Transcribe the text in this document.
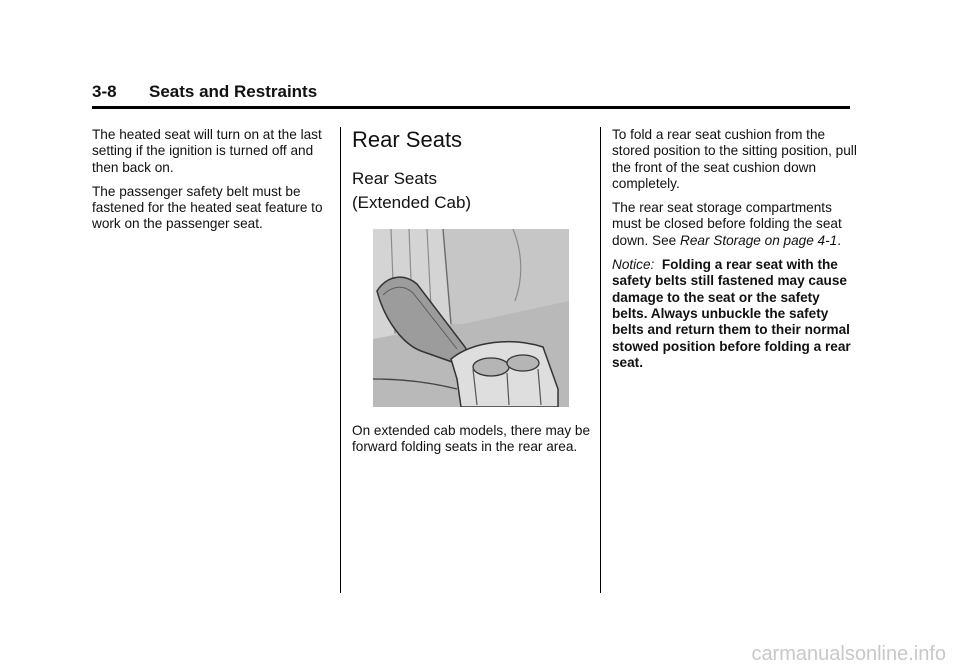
3-8 Seats and Restraints

The heated seat will turn on at the last setting if the ignition is turned off and then back on.

The passenger safety belt must be fastened for the heated seat feature to work on the passenger seat.

Rear Seats
Rear Seats
(Extended Cab)

On extended cab models, there may be forward folding seats in the rear area.

To fold a rear seat cushion from the stored position to the sitting position, pull the front of the seat cushion down completely.

The rear seat storage compartments must be closed before folding the seat down. See Rear Storage on page 4-1.

Notice: Folding a rear seat with the safety belts still fastened may cause damage to the seat or the safety belts. Always unbuckle the safety belts and return them to their normal stowed position before folding a rear seat.

carmanualsonline.info
